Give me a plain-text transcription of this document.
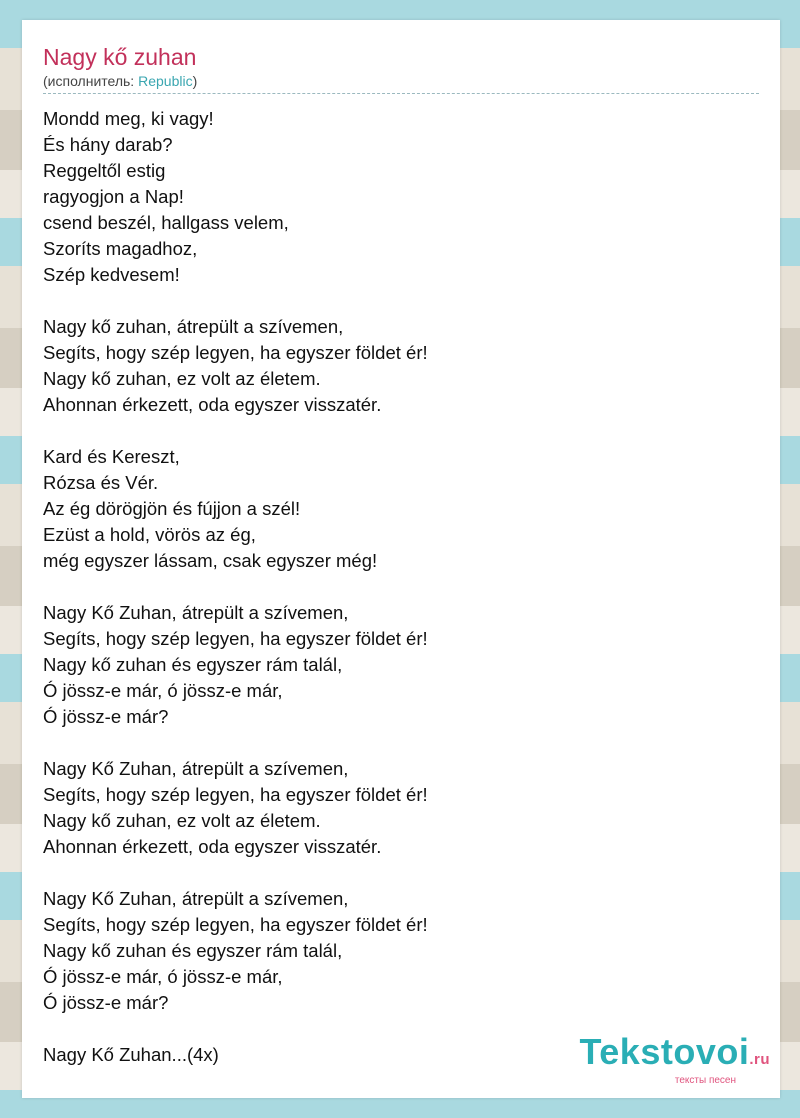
Nagy kő zuhan
(исполнитель: Republic)
Mondd meg, ki vagy!
És hány darab?
Reggeltől estig
ragyogjon a Nap!
csend beszél, hallgass velem,
Szoríts magadhoz,
Szép kedvesem!
Nagy kő zuhan, átrepült a szívemen,
Segíts, hogy szép legyen, ha egyszer földet ér!
Nagy kő zuhan, ez volt az életem.
Ahonnan érkezett, oda egyszer visszatér.
Kard és Kereszt,
Rózsa és Vér.
Az ég dörögjön és fújjon a szél!
Ezüst a hold, vörös az ég,
még egyszer lássam, csak egyszer még!
Nagy Kő Zuhan, átrepült a szívemen,
Segíts, hogy szép legyen, ha egyszer földet ér!
Nagy kő zuhan és egyszer rám talál,
Ó jössz-e már, ó jössz-e már,
Ó jössz-e már?
Nagy Kő Zuhan, átrepült a szívemen,
Segíts, hogy szép legyen, ha egyszer földet ér!
Nagy kő zuhan, ez volt az életem.
Ahonnan érkezett, oda egyszer visszatér.
Nagy Kő Zuhan, átrepült a szívemen,
Segíts, hogy szép legyen, ha egyszer földet ér!
Nagy kő zuhan és egyszer rám talál,
Ó jössz-e már, ó jössz-e már,
Ó jössz-e már?
Nagy Kő Zuhan...(4x)	Tekstovoi.ru
тексты песен
